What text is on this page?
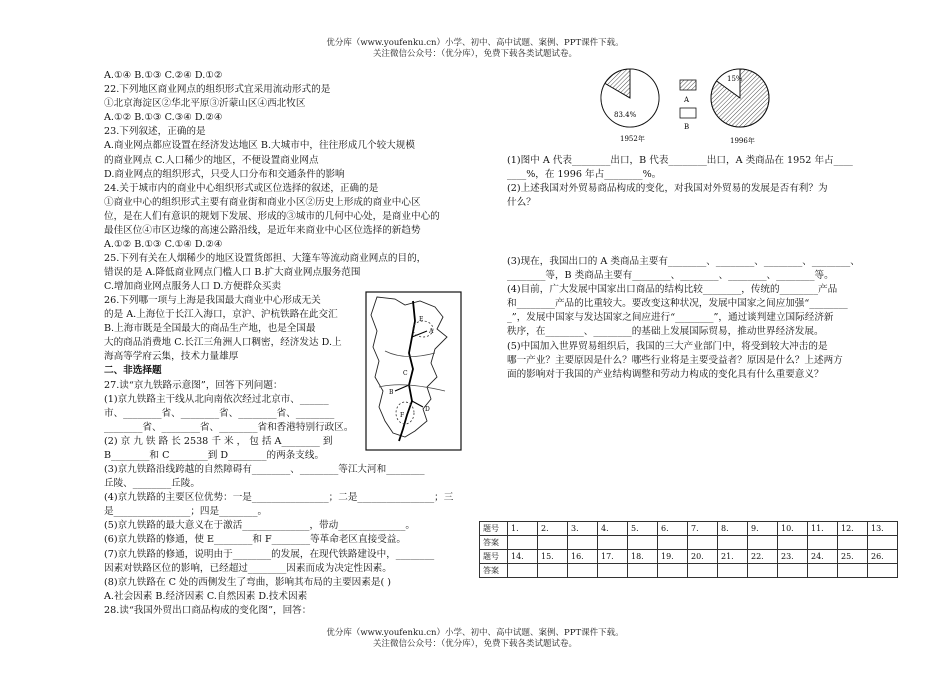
优分库（www.youfenku.cn）小学、初中、高中试题、案例、PPT课件下载。
关注微信公众号：（优分库），免费下载各类试题试卷。
优分库（www.youfenku.cn）小学、初中、高中试题、案例、PPT课件下载。
关注微信公众号：（优分库），免费下载各类试题试卷。

A.①④ B.①③ C.②④ D.①②

22.下列地区商业网点的组织形式宜采用流动形式的是

①北京海淀区②华北平原③沂蒙山区④西北牧区

A.①② B.①③ C.③④ D.②④

23.下列叙述，正确的是

A.商业网点都应设置在经济发达地区 B.大城市中，往往形成几个较大规模

的商业网点 C.人口稀少的地区，不便设置商业网点

D.商业网点的组织形式，只受人口分布和交通条件的影响

24.关于城市内的商业中心组织形式或区位选择的叙述，正确的是

①商业中心的组织形式主要有商业街和商业小区②历史上形成的商业中心区

位，是在人们有意识的规划下发展、形成的③城市的几何中心处，是商业中心的

最佳区位④市区边缘的高速公路沿线，是近年来商业中心区位选择的新趋势

A.①② B.①③ C.①④ D.②④

25.下列有关在人烟稀少的地区设置货郎担、大篷车等流动商业网点的目的，

错误的是 A.降低商业网点门槛人口 B.扩大商业网点服务范围

C.增加商业网点服务人口 D.方便群众买卖

26.下列哪一项与上海是我国最大商业中心形成无关

的是 A.上海位于长江入海口，京沪、沪杭铁路在此交汇

B.上海市既是全国最大的商品生产地，也是全国最

大的商品消费地 C.长江三角洲人口稠密，经济发达 D.上

海高等学府云集，技术力量雄厚

二、非选择题

27.读“京九铁路示意图”，回答下列问题：

(1)京九铁路主干线从北向南依次经过北京市、______

市、________省、________省、________省、________

________省、________省、________省和香港特别行政区。

(2) 京 九 铁 路 长 2538 千 米 ， 包 括 A________ 到

B________和 C________到 D________的两条支线。

(3)京九铁路沿线跨越的自然障碍有________、________等江大河和________

丘陵、________丘陵。

(4)京九铁路的主要区位优势：一是________________；二是________________；三

是________________；四是________。

(5)京九铁路的最大意义在于激活______________，带动______________。

(6)京九铁路的修通，使 E________和 F________等革命老区直接受益。

(7)京九铁路的修通，说明由于________的发展，在现代铁路建设中，________

因素对铁路区位的影响，已经超过________因素而成为决定性因素。

(8)京九铁路在 C 处的西侧发生了弯曲，影响其布局的主要因素是( )

A.社会因素 B.经济因素 C.自然因素 D.技术因素

28.读“我国外贸出口商品构成的变化图”，回答：

A
B
C
D
E
F
83.4%
1952年
A
B
15%
1996年

(1)图中 A 代表________出口，B 代表________出口，A 类商品在 1952 年占____

____%，在 1996 年占________%。

(2)上述我国对外贸易商品构成的变化，对我国对外贸易的发展是否有利？为

什么？

(3)现在，我国出口的 A 类商品主要有________、________、________、________、

________等，B 类商品主要有________、________、________、________等。

(4)目前，广大发展中国家出口商品的结构比较________，传统的________产品

和________产品的比重较大。要改变这种状况，发展中国家之间应加强“________

_”，发展中国家与发达国家之间应进行“________”，通过谈判建立国际经济新

秩序，在________、________的基础上发展国际贸易，推动世界经济发展。

(5)中国加入世界贸易组织后，我国的三大产业部门中，将受到较大冲击的是

哪一产业？主要原因是什么？哪些行业将是主要受益者？原因是什么？上述两方

面的影响对于我国的产业结构调整和劳动力构成的变化具有什么重要意义？

题号	1.	2.	3.	4.	5.	6.	7.	8.	9.	10.	11.	12.	13.
答案													
题号	14.	15.	16.	17.	18.	19.	20.	21.	22.	23.	24.	25.	26.
答案													
